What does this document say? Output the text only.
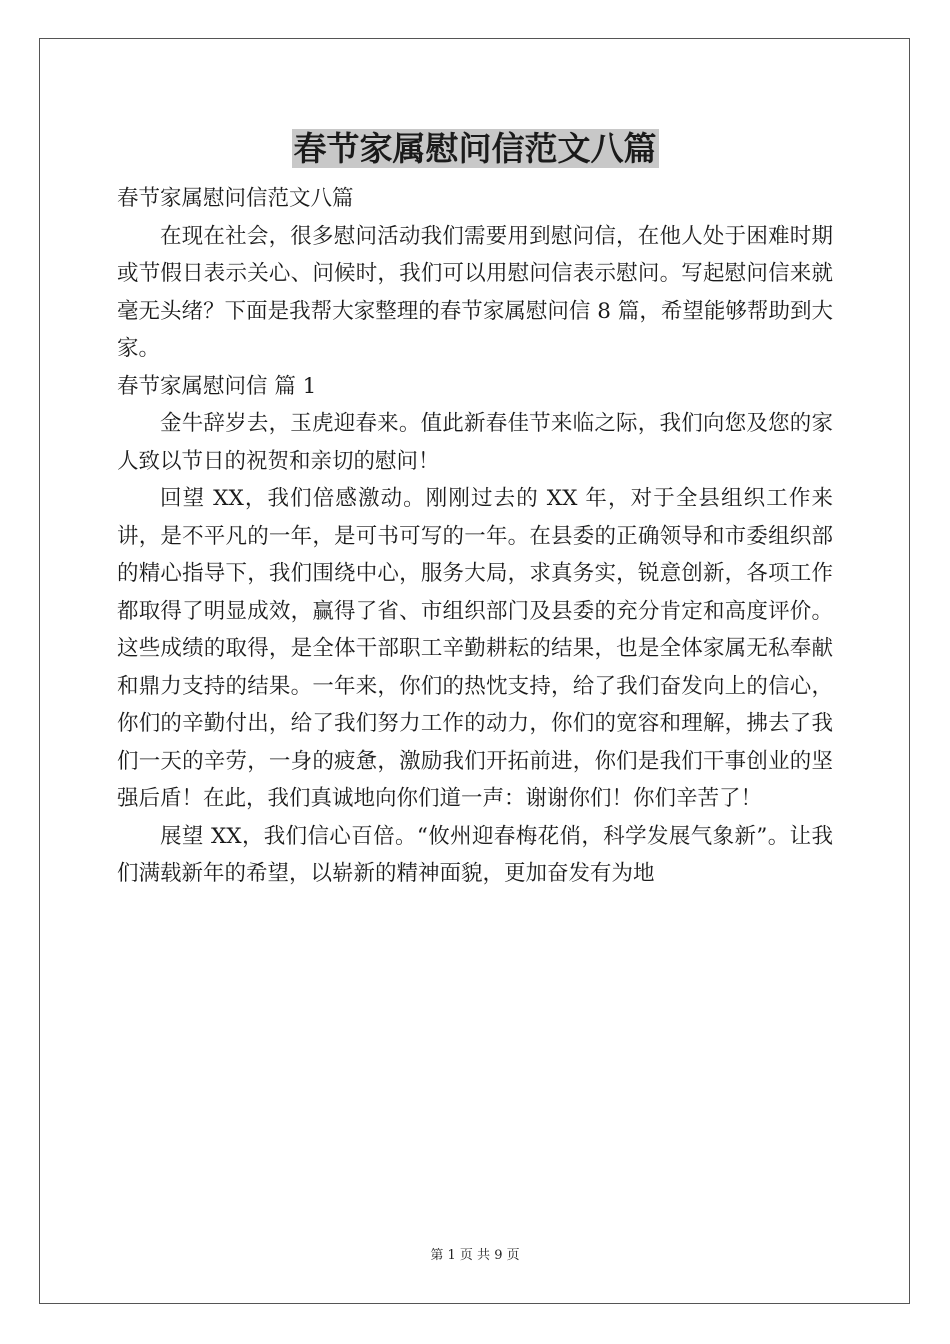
春节家属慰问信范文八篇

春节家属慰问信范文八篇

在现在社会，很多慰问活动我们需要用到慰问信，在他人处于困难时期或节假日表示关心、问候时，我们可以用慰问信表示慰问。写起慰问信来就毫无头绪？下面是我帮大家整理的春节家属慰问信 8 篇，希望能够帮助到大家。

春节家属慰问信 篇 1

金牛辞岁去，玉虎迎春来。值此新春佳节来临之际，我们向您及您的家人致以节日的祝贺和亲切的慰问！

回望 XX，我们倍感激动。刚刚过去的 XX 年，对于全县组织工作来讲，是不平凡的一年，是可书可写的一年。在县委的正确领导和市委组织部的精心指导下，我们围绕中心，服务大局，求真务实，锐意创新，各项工作都取得了明显成效，赢得了省、市组织部门及县委的充分肯定和高度评价。这些成绩的取得，是全体干部职工辛勤耕耘的结果，也是全体家属无私奉献和鼎力支持的结果。一年来，你们的热忱支持，给了我们奋发向上的信心，你们的辛勤付出，给了我们努力工作的动力，你们的宽容和理解，拂去了我们一天的辛劳，一身的疲惫，激励我们开拓前进，你们是我们干事创业的坚强后盾！在此，我们真诚地向你们道一声：谢谢你们！你们辛苦了！

展望 XX，我们信心百倍。“攸州迎春梅花俏，科学发展气象新”。让我们满载新年的希望，以崭新的精神面貌，更加奋发有为地

第 1 页 共 9 页
